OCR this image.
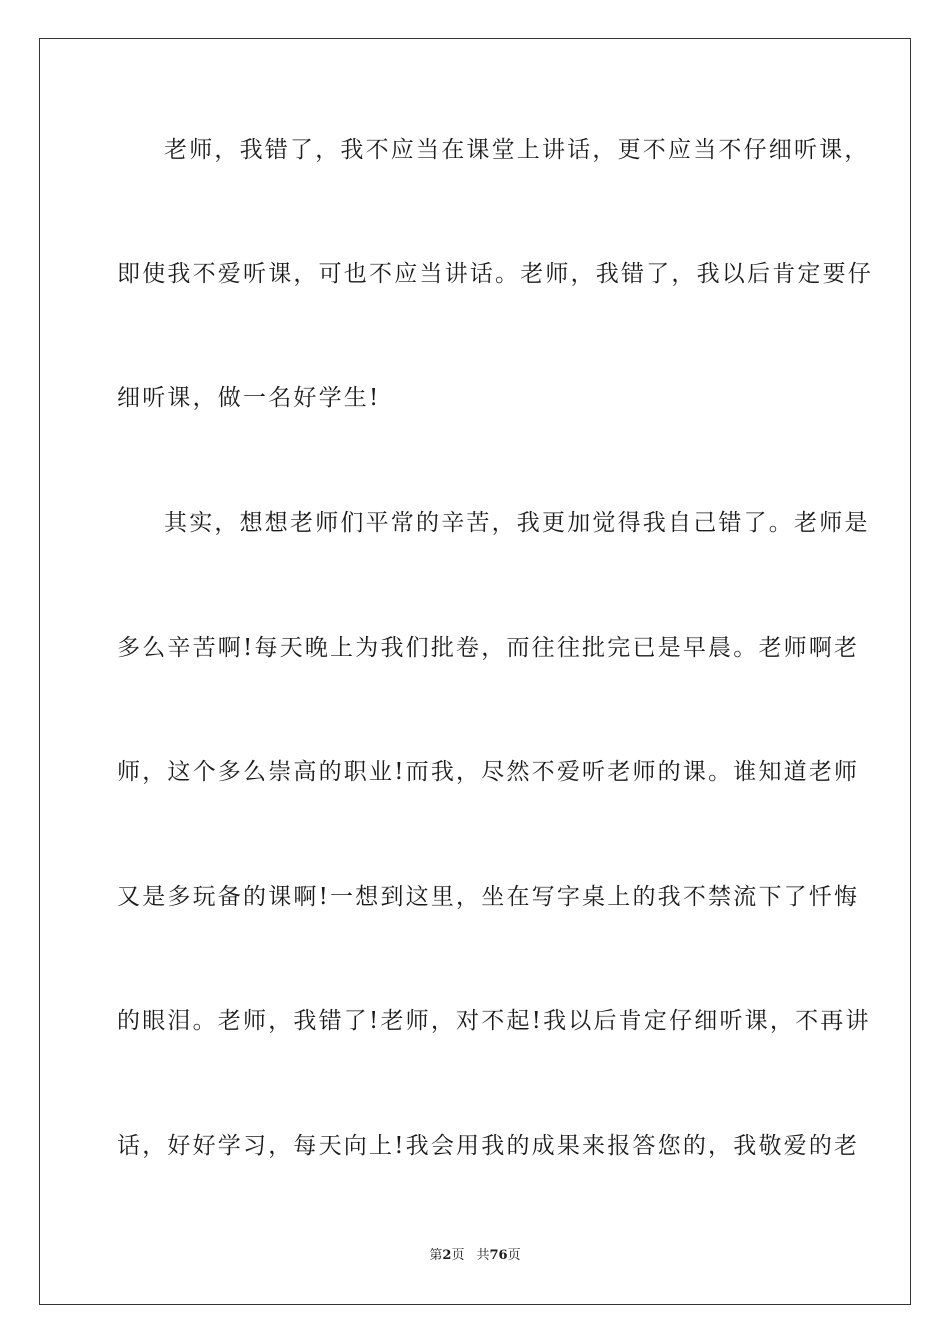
老师，我错了，我不应当在课堂上讲话，更不应当不仔细听课，
即使我不爱听课，可也不应当讲话。老师，我错了，我以后肯定要仔
细听课，做一名好学生!
其实，想想老师们平常的辛苦，我更加觉得我自己错了。老师是
多么辛苦啊!每天晚上为我们批卷，而往往批完已是早晨。老师啊老
师，这个多么崇高的职业!而我，尽然不爱听老师的课。谁知道老师
又是多玩备的课啊!一想到这里，坐在写字桌上的我不禁流下了忏悔
的眼泪。老师，我错了!老师，对不起!我以后肯定仔细听课，不再讲
话，好好学习，每天向上!我会用我的成果来报答您的，我敬爱的老
第2页 共76页
